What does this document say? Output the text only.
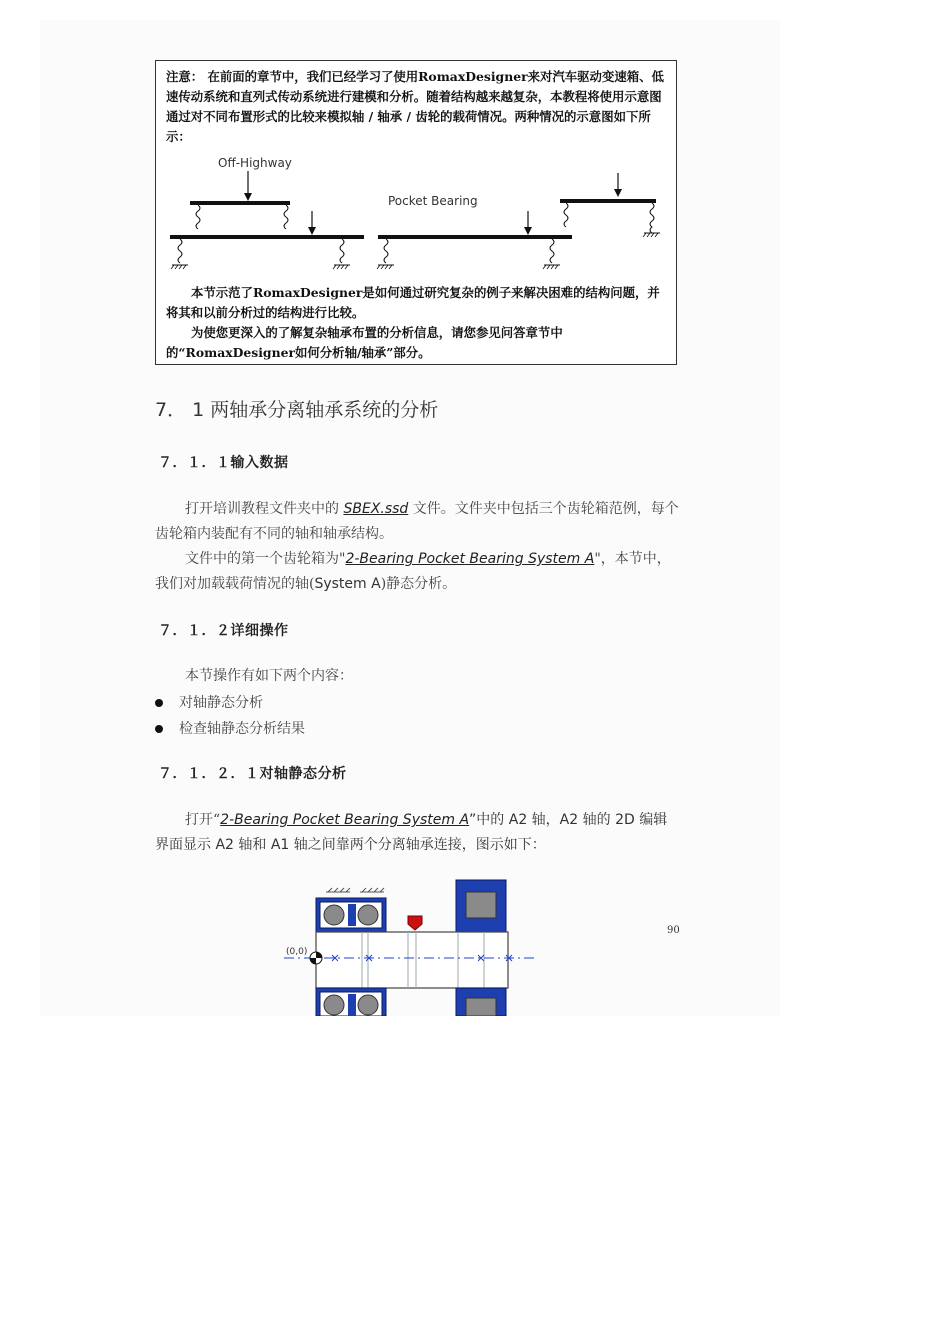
注意： 在前面的章节中，我们已经学习了使用RomaxDesigner来对汽车驱动变速箱、低速传动系统和直列式传动系统进行建模和分析。随着结构越来越复杂，本教程将使用示意图通过对不同布置形式的比较来模拟轴 / 轴承 / 齿轮的载荷情况。两种情况的示意图如下所示：
Off-Highway
Pocket Bearing

本节示范了RomaxDesigner是如何通过研究复杂的例子来解决困难的结构问题，并将其和以前分析过的结构进行比较。

为使您更深入的了解复杂轴承布置的分析信息，请您参见问答章节中的“RomaxDesigner如何分析轴/轴承”部分。

7． 1 两轴承分离轴承系统的分析
７．１．１输入数据
打开培训教程文件夹中的 SBEX.ssd 文件。文件夹中包括三个齿轮箱范例，每个齿轮箱内装配有不同的轴和轴承结构。
文件中的第一个齿轮箱为"2-Bearing Pocket Bearing System A"，本节中，我们对加载载荷情况的轴(System A)静态分析。
７．１．２详细操作
本节操作有如下两个内容：
对轴静态分析
检查轴静态分析结果
７．１．２．１对轴静态分析
打开“2-Bearing Pocket Bearing System A”中的 A2 轴，A2 轴的 2D 编辑界面显示 A2 轴和 A1 轴之间靠两个分离轴承连接，图示如下：
(0,0)
90
